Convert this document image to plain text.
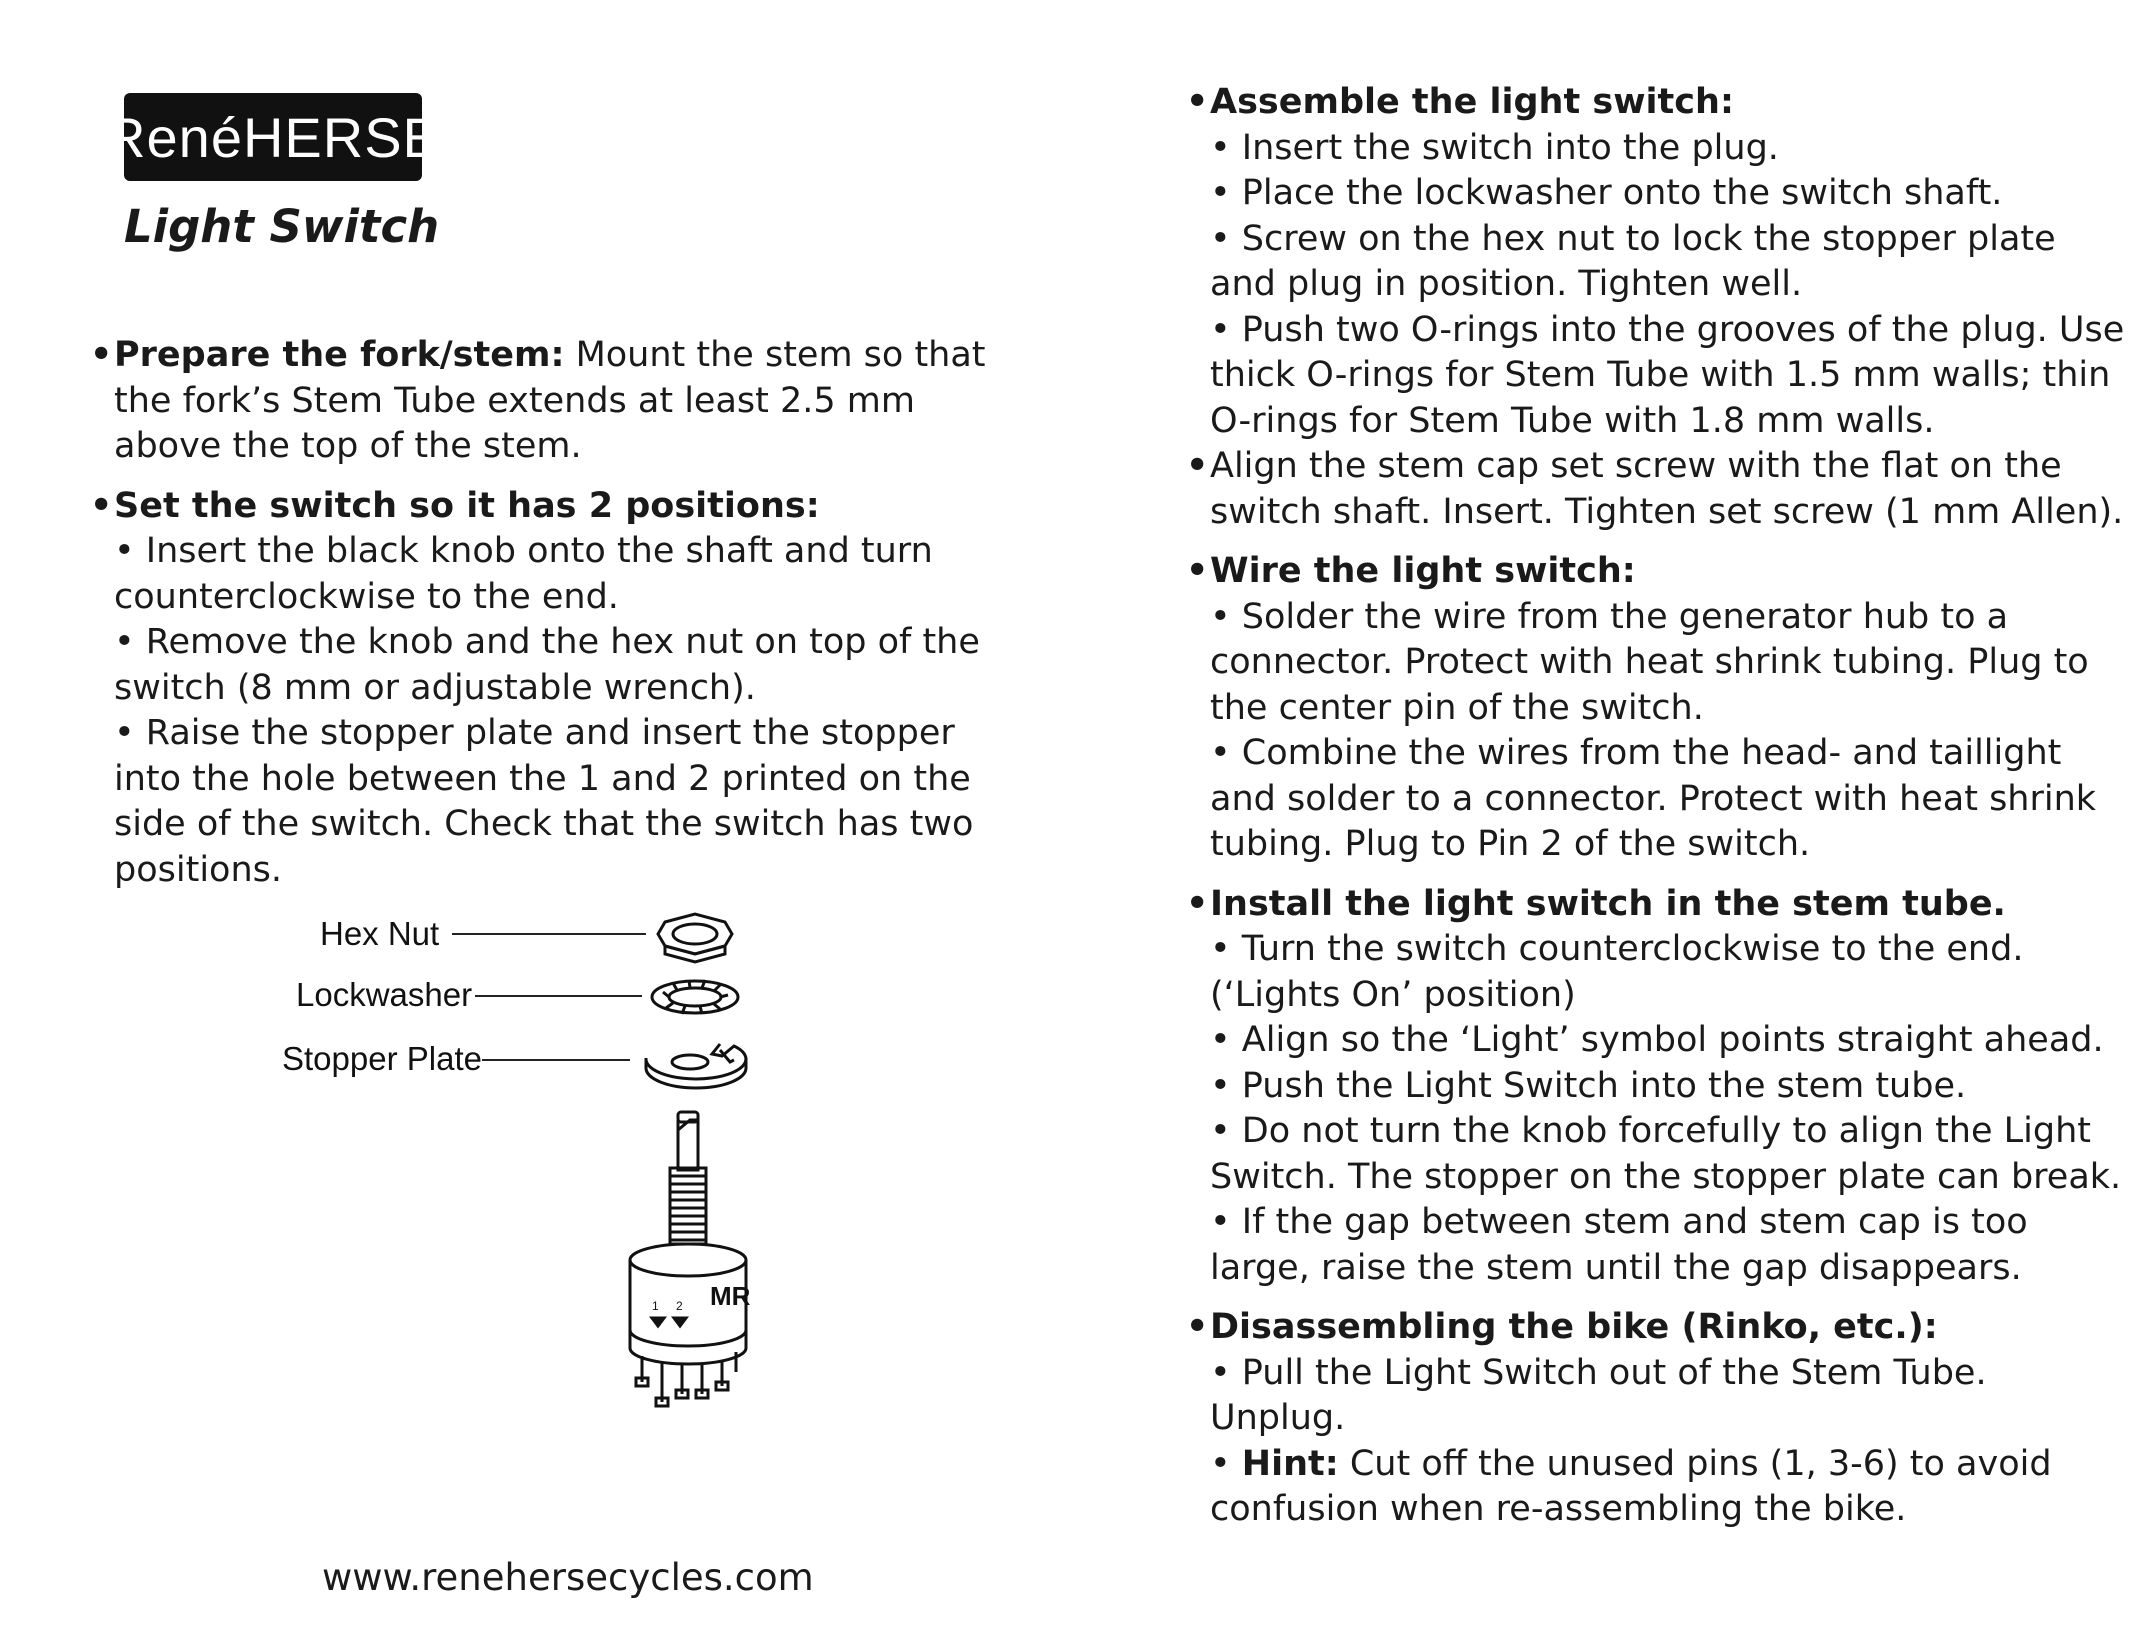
RenéHERSE
Light Switch
• Prepare the fork/stem: Mount the stem so that the fork’s Stem Tube extends at least 2.5 mm above the top of the stem.
• Set the switch so it has 2 positions:
• Insert the black knob onto the shaft and turn counterclockwise to the end.
• Remove the knob and the hex nut on top of the switch (8 mm or adjustable wrench).
• Raise the stopper plate and insert the stopper into the hole between the 1 and 2 printed on the side of the switch. Check that the switch has two positions.
Hex Nut
Lockwasher
Stopper Plate
MR
1 2
• Assemble the light switch:
• Insert the switch into the plug.
• Place the lockwasher onto the switch shaft.
• Screw on the hex nut to lock the stopper plate and plug in position. Tighten well.
• Push two O-rings into the grooves of the plug. Use thick O-rings for Stem Tube with 1.5 mm walls; thin O-rings for Stem Tube with 1.8 mm walls.
• Align the stem cap set screw with the flat on the switch shaft. Insert. Tighten set screw (1 mm Allen).
• Wire the light switch:
• Solder the wire from the generator hub to a connector. Protect with heat shrink tubing. Plug to the center pin of the switch.
• Combine the wires from the head- and taillight and solder to a connector. Protect with heat shrink tubing. Plug to Pin 2 of the switch.
• Install the light switch in the stem tube.
• Turn the switch counterclockwise to the end. (‘Lights On’ position)
• Align so the ‘Light’ symbol points straight ahead.
• Push the Light Switch into the stem tube.
• Do not turn the knob forcefully to align the Light Switch. The stopper on the stopper plate can break.
• If the gap between stem and stem cap is too large, raise the stem until the gap disappears.
• Disassembling the bike (Rinko, etc.):
• Pull the Light Switch out of the Stem Tube. Unplug.
• Hint: Cut off the unused pins (1, 3-6) to avoid confusion when re-assembling the bike.
www.renehersecycles.com
